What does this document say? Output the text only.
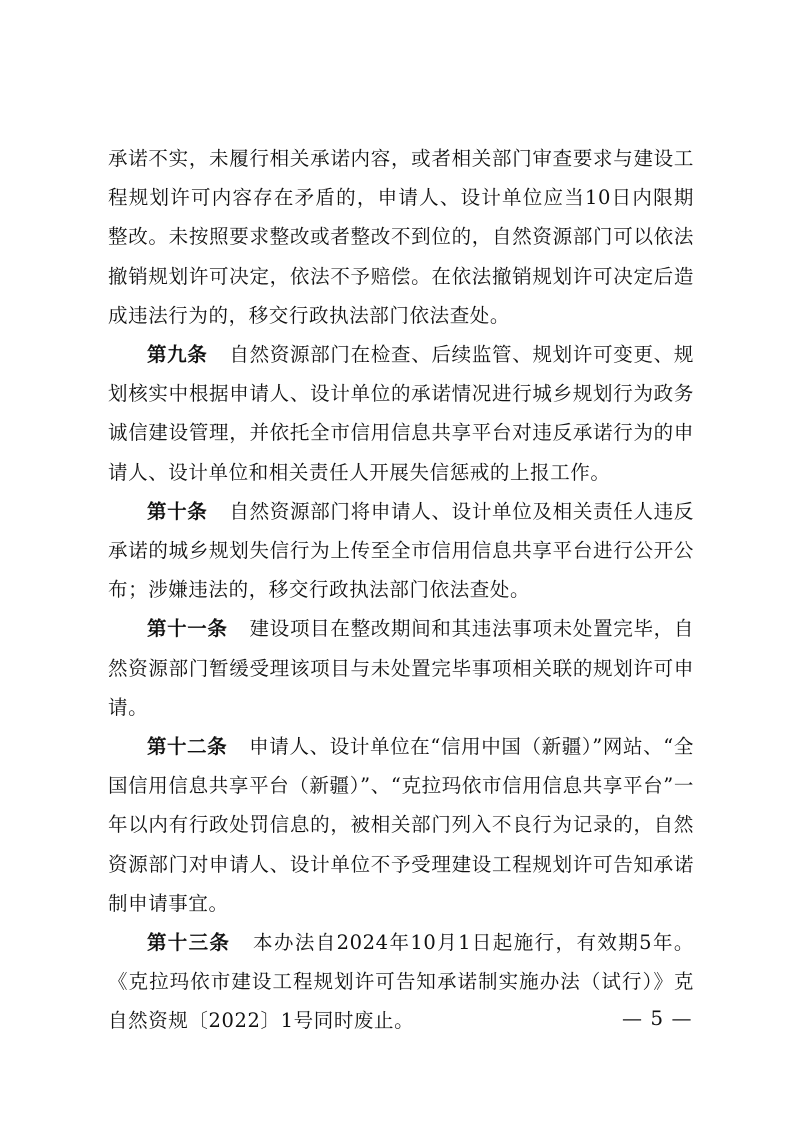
承诺不实，未履行相关承诺内容，或者相关部门审查要求与建设工程规划许可内容存在矛盾的，申请人、设计单位应当10日内限期整改。未按照要求整改或者整改不到位的，自然资源部门可以依法撤销规划许可决定，依法不予赔偿。在依法撤销规划许可决定后造成违法行为的，移交行政执法部门依法查处。

第九条 自然资源部门在检查、后续监管、规划许可变更、规划核实中根据申请人、设计单位的承诺情况进行城乡规划行为政务诚信建设管理，并依托全市信用信息共享平台对违反承诺行为的申请人、设计单位和相关责任人开展失信惩戒的上报工作。

第十条 自然资源部门将申请人、设计单位及相关责任人违反承诺的城乡规划失信行为上传至全市信用信息共享平台进行公开公布；涉嫌违法的，移交行政执法部门依法查处。

第十一条 建设项目在整改期间和其违法事项未处置完毕，自然资源部门暂缓受理该项目与未处置完毕事项相关联的规划许可申请。

第十二条 申请人、设计单位在“信用中国（新疆）”网站、“全国信用信息共享平台（新疆）”、“克拉玛依市信用信息共享平台”一年以内有行政处罚信息的，被相关部门列入不良行为记录的，自然资源部门对申请人、设计单位不予受理建设工程规划许可告知承诺制申请事宜。

第十三条 本办法自2024年10月1日起施行，有效期5年。《克拉玛依市建设工程规划许可告知承诺制实施办法（试行）》克自然资规〔2022〕1号同时废止。	— 5 —
